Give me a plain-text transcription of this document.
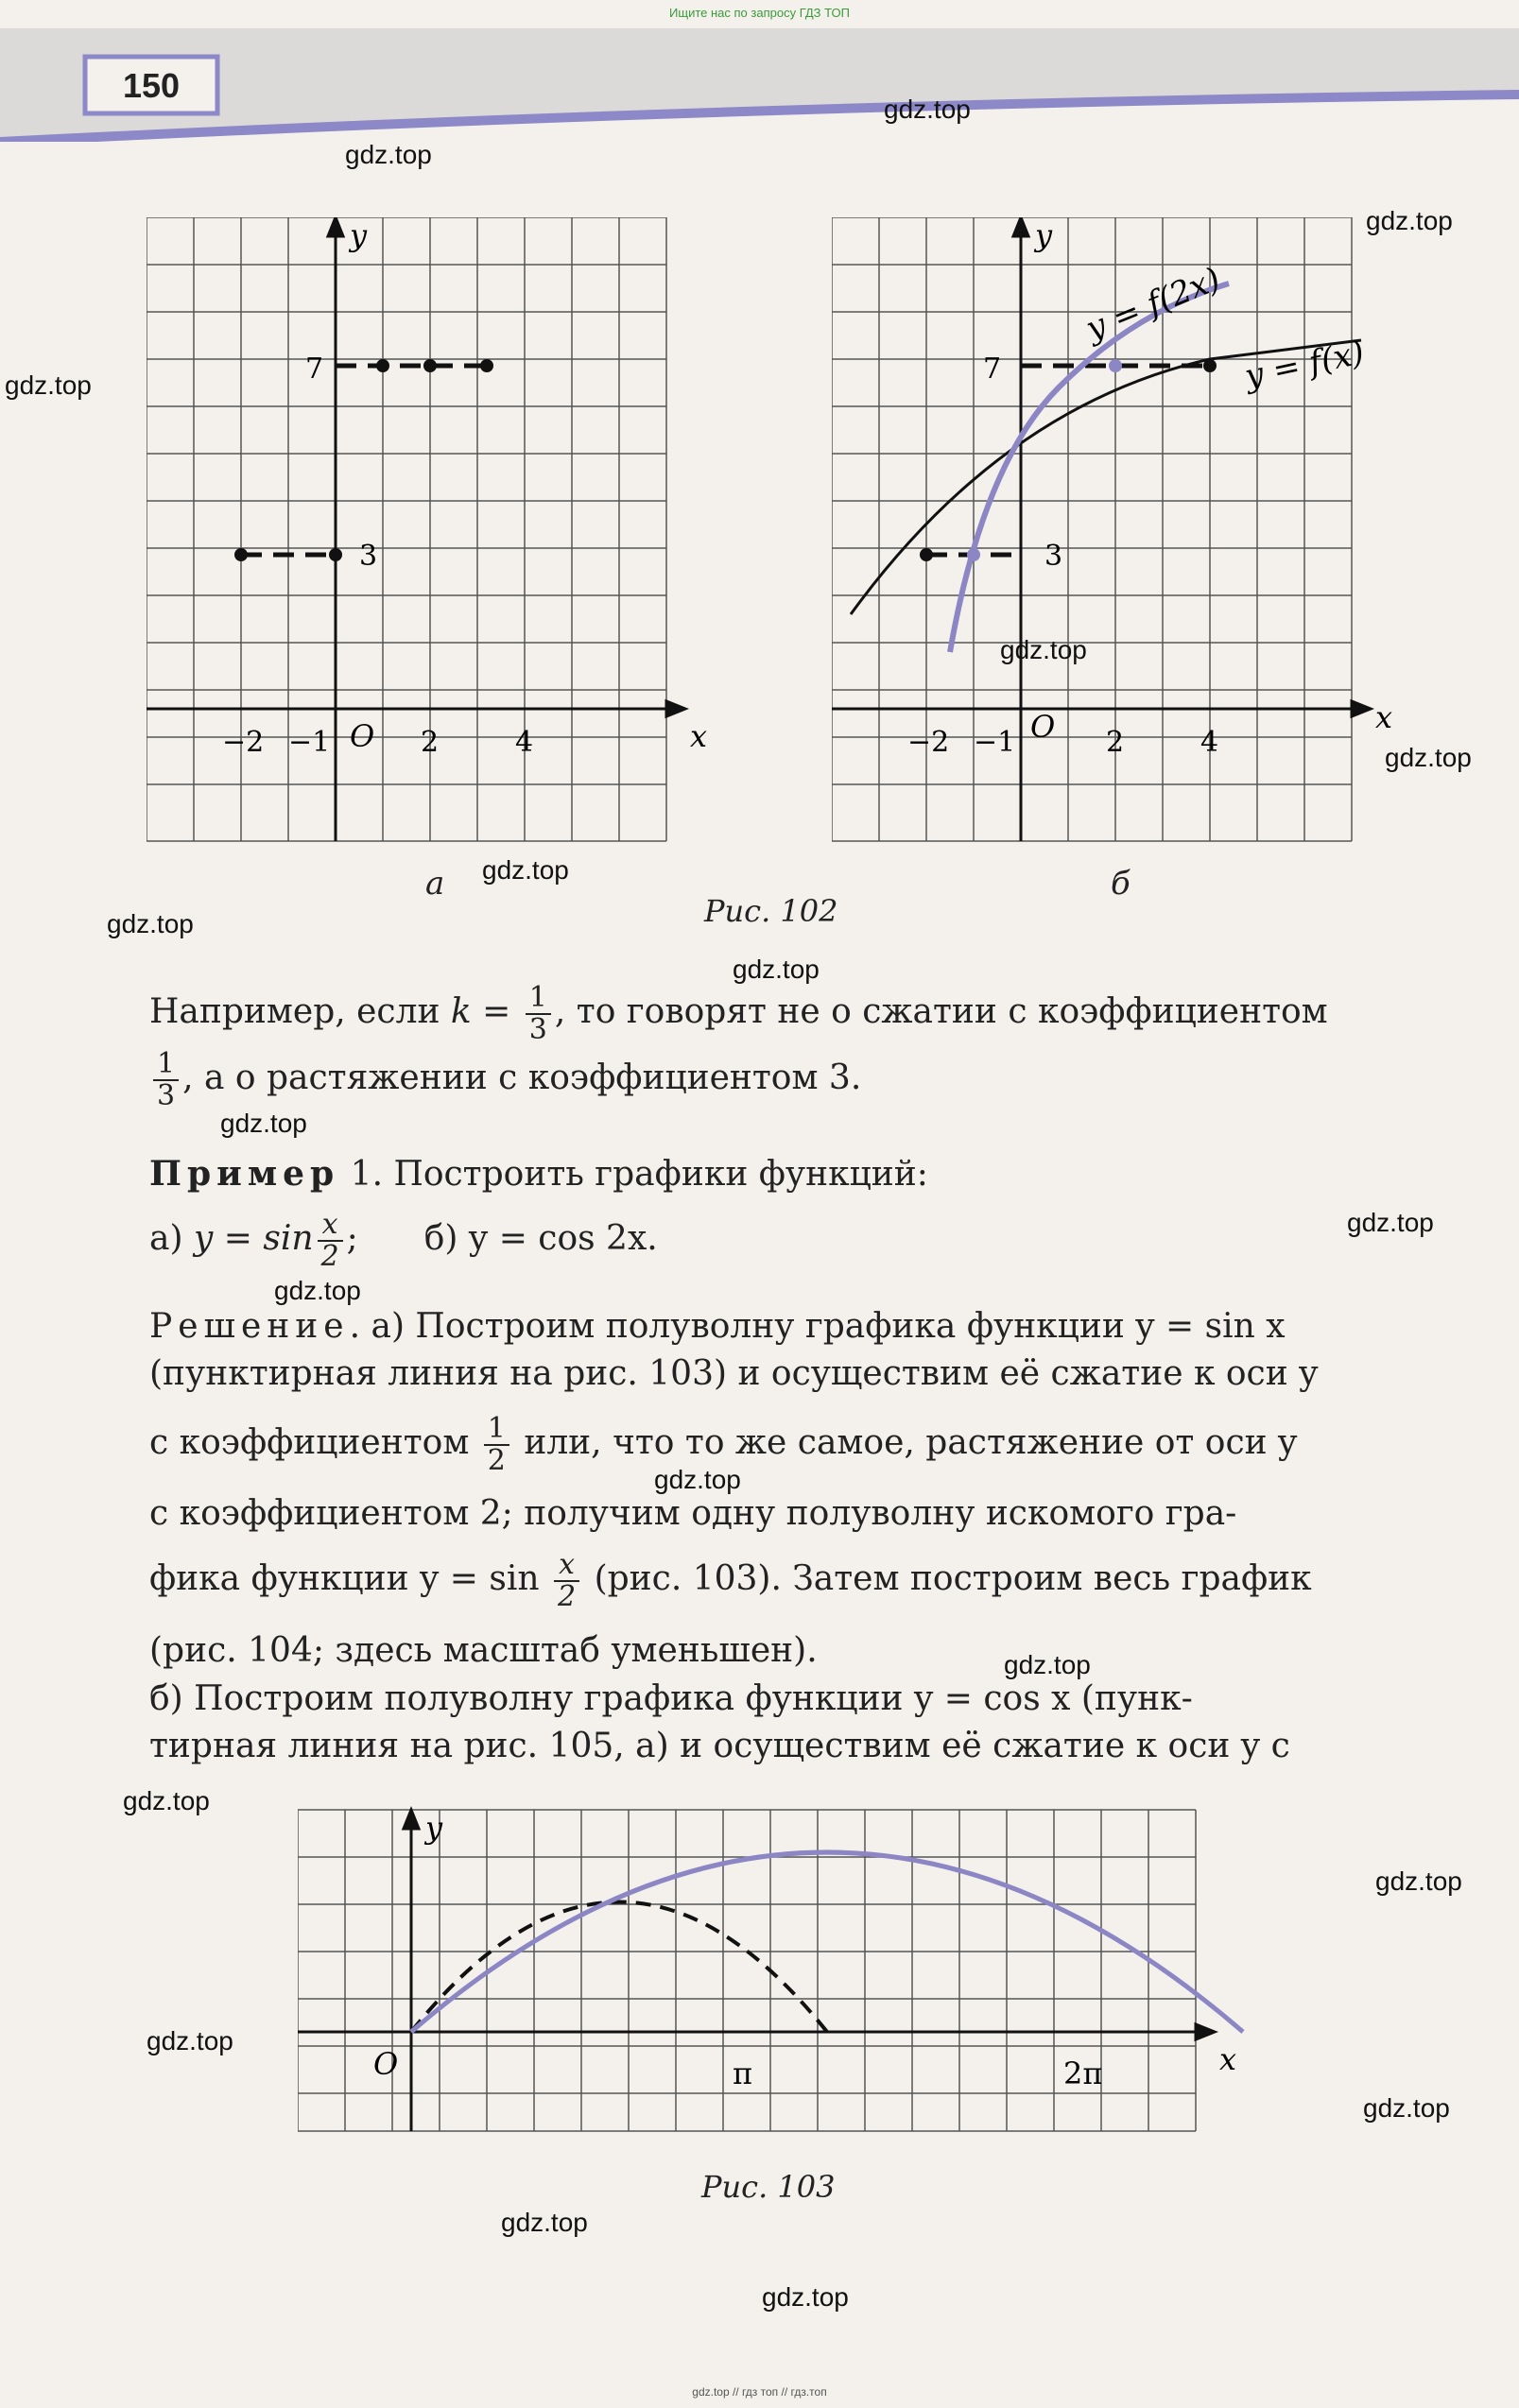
Ищите нас по запросу ГДЗ ТОП
gdz.top // гдз топ // гдз.топ
150
y
x
O
−2 −1	2	4
7
3
а
y
x
O
−2 −1	2	4
7
3
y = f(2x)
y = f(x)
б
Рис. 102
Например, если $k = \frac{1}{3}$ , то говорят не о сжатии с коэффициентом
$\frac{1}{3}$ , а о растяжении с коэффициентом 3.
Пример 1. Построить графики функций:
а) $y = \sin \frac{x}{2}$ ; б) y = cos 2x.
Решение. а) Построим полуволну графика функции y = sin x
(пунктирная линия на рис. 103) и осуществим её сжатие к оси y
с коэффициентом $\frac{1}{2}$ или, что то же самое, растяжение от оси y
с коэффициентом 2; получим одну полуволну искомого гра-
фика функции $y = \sin \frac{x}{2} (рис$. 103). Затем построим весь график
(рис. 104; здесь масштаб уменьшен).
б) Построим полуволну графика функции y = cos x (пунк-
тирная линия на рис. 105, а) и осуществим её сжатие к оси y с
y
x
O	π	2π
Рис. 103
gdz.top
gdz.top
gdz.top
gdz.top
gdz.top
gdz.top
gdz.top
gdz.top
gdz.top
gdz.top
gdz.top
gdz.top
gdz.top
gdz.top
gdz.top
gdz.top
gdz.top
gdz.top
gdz.top
gdz.top
